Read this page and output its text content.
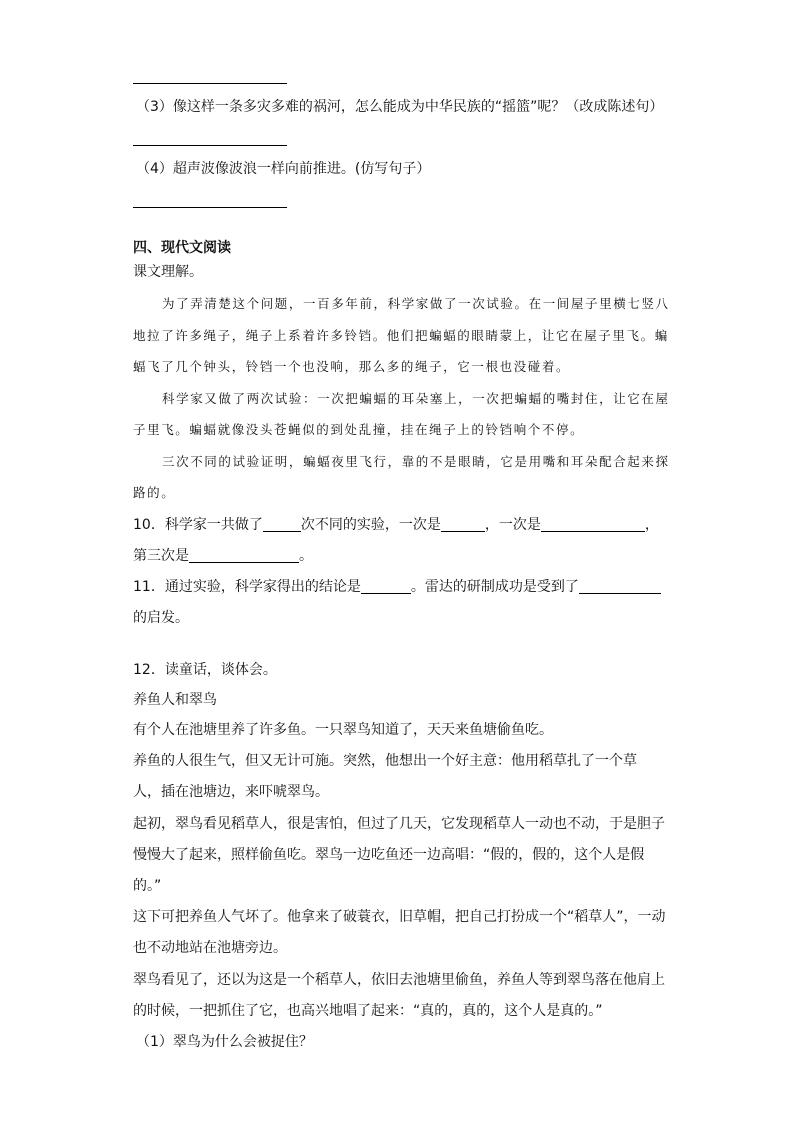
（3）像这样一条多灾多难的祸河，怎么能成为中华民族的“摇篮”呢？（改成陈述句）
（4）超声波像波浪一样向前推进。(仿写句子）
四、现代文阅读
课文理解。
为了弄清楚这个问题，一百多年前，科学家做了一次试验。在一间屋子里横七竖八
地拉了许多绳子，绳子上系着许多铃铛。他们把蝙蝠的眼睛蒙上，让它在屋子里飞。蝙
蝠飞了几个钟头，铃铛一个也没响，那么多的绳子，它一根也没碰着。
科学家又做了两次试验：一次把蝙蝠的耳朵塞上，一次把蝙蝠的嘴封住，让它在屋
子里飞。蝙蝠就像没头苍蝇似的到处乱撞，挂在绳子上的铃铛响个不停。
三次不同的试验证明，蝙蝠夜里飞行，靠的不是眼睛，它是用嘴和耳朵配合起来探
路的。
10．科学家一共做了	次不同的实验，一次是	，一次是	，
第三次是	。
11．通过实验，科学家得出的结论是	。雷达的研制成功是受到了
的启发。
12．读童话，谈体会。
养鱼人和翠鸟
有个人在池塘里养了许多鱼。一只翠鸟知道了，天天来鱼塘偷鱼吃。
养鱼的人很生气，但又无计可施。突然，他想出一个好主意：他用稻草扎了一个草
人，插在池塘边，来吓唬翠鸟。
起初，翠鸟看见稻草人，很是害怕，但过了几天，它发现稻草人一动也不动，于是胆子
慢慢大了起来，照样偷鱼吃。翠鸟一边吃鱼还一边高唱：“假的，假的，这个人是假
的。”
这下可把养鱼人气坏了。他拿来了破蓑衣，旧草帽，把自己打扮成一个“稻草人”，一动
也不动地站在池塘旁边。
翠鸟看见了，还以为这是一个稻草人，依旧去池塘里偷鱼，养鱼人等到翠鸟落在他肩上
的时候，一把抓住了它，也高兴地唱了起来：“真的，真的，这个人是真的。”
（1）翠鸟为什么会被捉住？
